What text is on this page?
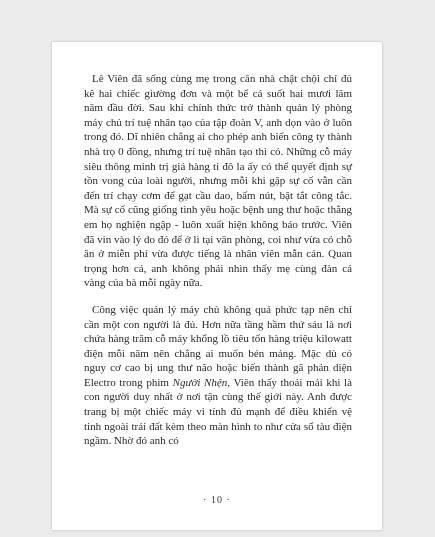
Lê Viên đã sống cùng mẹ trong căn nhà chật chội chỉ đủ kê hai chiếc giường đơn và một bể cá suốt hai mươi lăm năm đầu đời. Sau khi chính thức trở thành quản lý phòng máy chủ trí tuệ nhân tạo của tập đoàn V, anh dọn vào ở luôn trong đó. Dĩ nhiên chẳng ai cho phép anh biến công ty thành nhà trọ 0 đồng, nhưng trí tuệ nhân tạo thì có. Những cỗ máy siêu thông minh trị giá hàng tỉ đô la ấy có thể quyết định sự tồn vong của loài người, nhưng mỗi khi gặp sự cố vẫn cần đến trí chạy cơm để gạt cầu dao, bấm nút, bật tắt công tắc. Mà sự cố cũng giống tình yêu hoặc bệnh ung thư hoặc thằng em họ nghiện ngập - luôn xuất hiện không báo trước. Viên đã vin vào lý do đó để ở lì tại văn phòng, coi như vừa có chỗ ăn ở miễn phí vừa được tiếng là nhân viên mẫn cán. Quan trọng hơn cả, anh không phải nhìn thấy mẹ cùng đàn cá vàng của bà mỗi ngày nữa.

Công việc quản lý máy chủ không quá phức tạp nên chỉ cần một con người là đủ. Hơn nữa tầng hầm thứ sáu là nơi chứa hàng trăm cỗ máy khổng lồ tiêu tốn hàng triệu kilowatt điện mỗi năm nên chẳng ai muốn bén mảng. Mặc dù có nguy cơ cao bị ung thư não hoặc biến thành gã phản diện Electro trong phim Người Nhện, Viên thấy thoải mái khi là con người duy nhất ở nơi tận cùng thế giới này. Anh được trang bị một chiếc máy vi tính đủ mạnh để điều khiển vệ tinh ngoài trái đất kèm theo màn hình to như cửa sổ tàu điện ngầm. Nhờ đó anh có

· 10 ·
